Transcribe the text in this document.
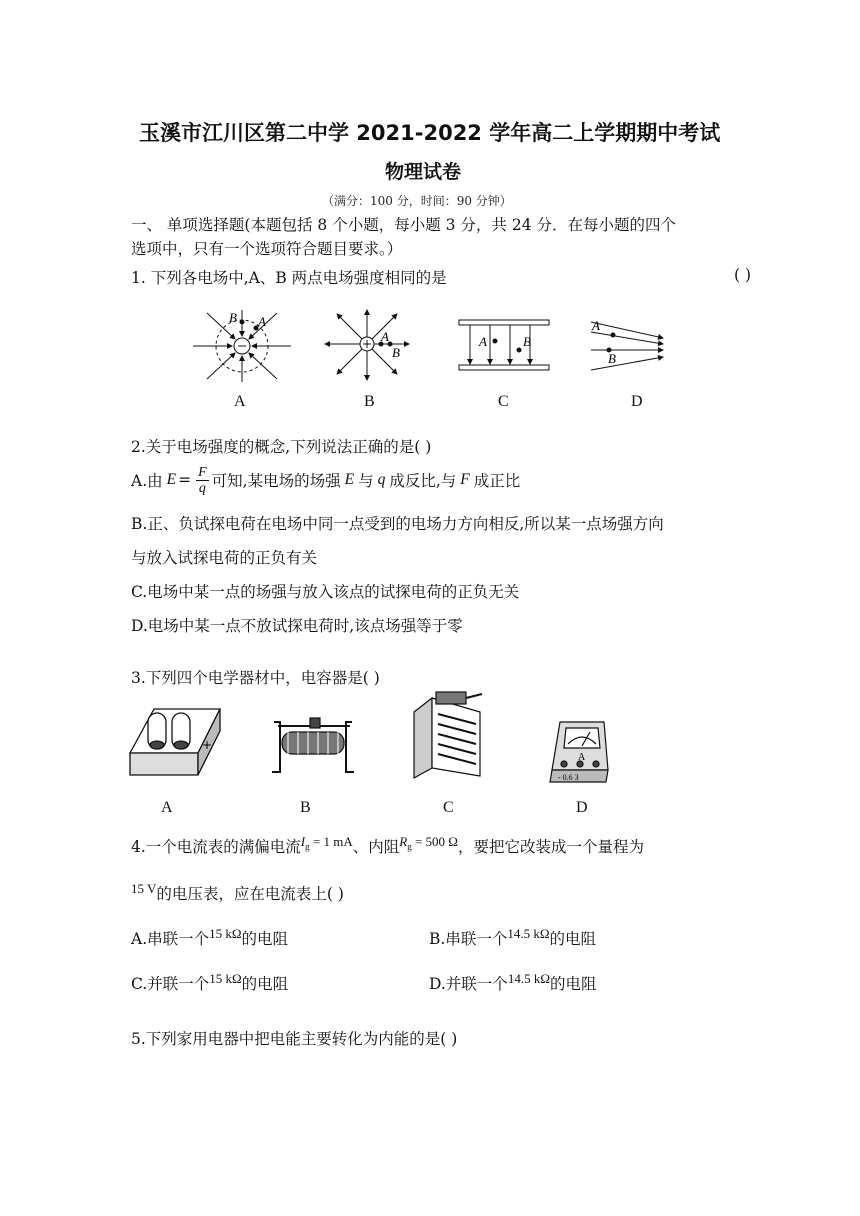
玉溪市江川区第二中学 2021-2022 学年高二上学期期中考试
物理试卷
（满分：100 分，时间：90 分钟）
一、 单项选择题(本题包括 8 个小题，每小题 3 分，共 24 分．在每小题的四个
选项中，只有一个选项符合题目要求。）
1. 下列各电场中,A、B 两点电场强度相同的是	( )
B A
A
B
A	B
A
B
A	B	C	D
2.关于电场强度的概念,下列说法正确的是( )
A.由 $E = \frac{F}{q}$ 可知,某电场的场强 E 与 q 成反比,与 F 成正比
B.正、负试探电荷在电场中同一点受到的电场力方向相反,所以某一点场强方向
与放入试探电荷的正负有关
C.电场中某一点的场强与放入该点的试探电荷的正负无关
D.电场中某一点不放试探电荷时,该点场强等于零
3.下列四个电学器材中，电容器是( )
+
A
- 0.6 3
A	B	C	D
4.一个电流表的满偏电流$^{I_g = 1 mA}$、内阻$^{R_g = 500 \Omega}$，要把它改装成一个量程为
$^{15 V}$的电压表，应在电流表上( )
A.串联一个$^{15 k\Omega}$的电阻	B.串联一个$^{14.5 k\Omega}$的电阻
C.并联一个$^{15 k\Omega}$的电阻	D.并联一个$^{14.5 k\Omega}$的电阻
5.下列家用电器中把电能主要转化为内能的是( )
